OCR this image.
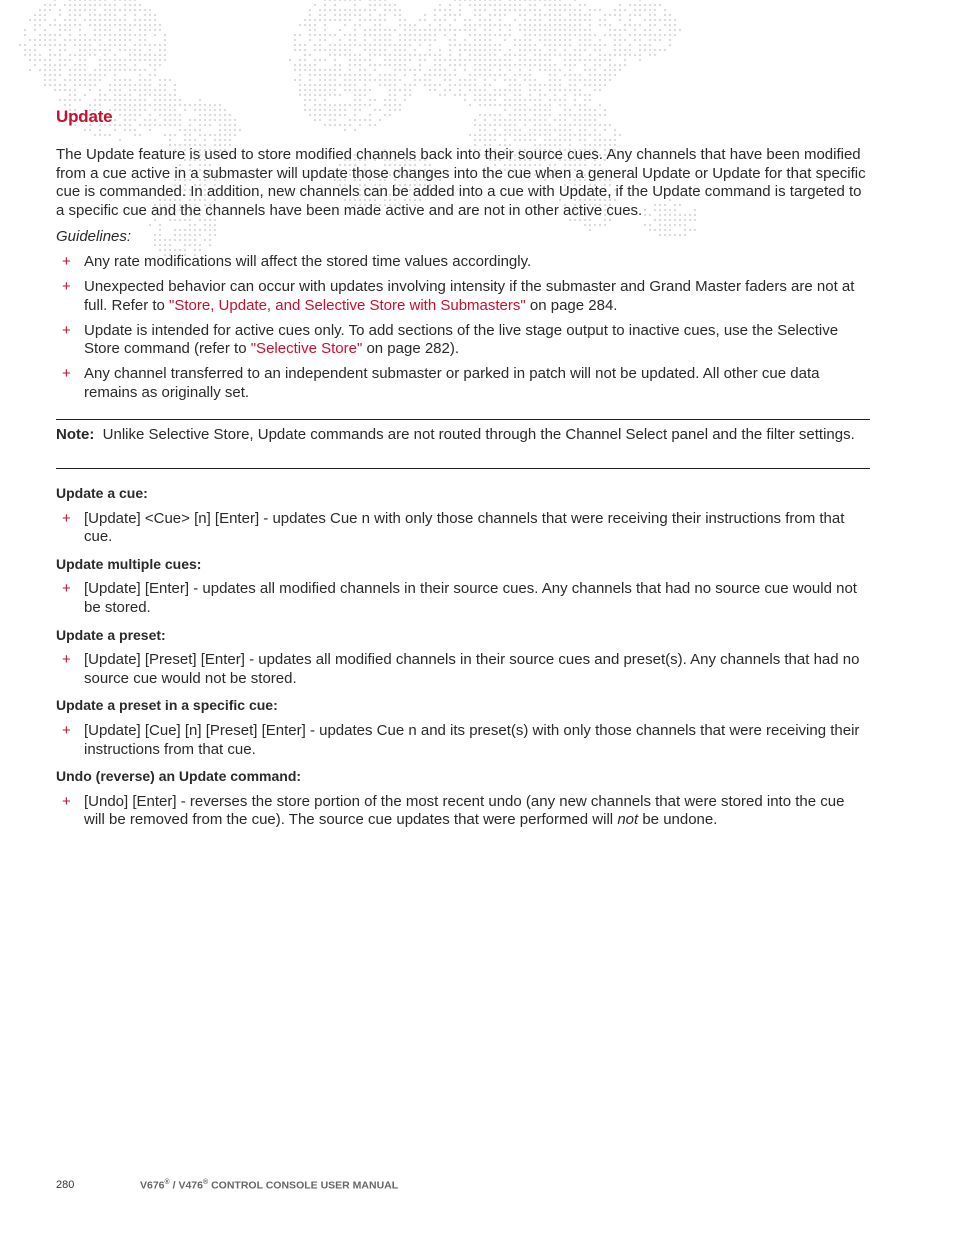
Update

The Update feature is used to store modified channels back into their source cues. Any channels that have been modified from a cue active in a submaster will update those changes into the cue when a general Update or Update for that specific cue is commanded. In addition, new channels can be added into a cue with Update, if the Update command is targeted to a specific cue and the channels have been made active and are not in other active cues.

Guidelines:
+ Any rate modifications will affect the stored time values accordingly.
+ Unexpected behavior can occur with updates involving intensity if the submaster and Grand Master faders are not at full. Refer to "Store, Update, and Selective Store with Submasters" on page 284.
+ Update is intended for active cues only. To add sections of the live stage output to inactive cues, use the Selective Store command (refer to "Selective Store" on page 282).
+ Any channel transferred to an independent submaster or parked in patch will not be updated. All other cue data remains as originally set.
Note: Unlike Selective Store, Update commands are not routed through the Channel Select panel and the filter settings.
Update a cue:
+ [Update] <Cue> [n] [Enter] - updates Cue n with only those channels that were receiving their instructions from that cue.
Update multiple cues:
+ [Update] [Enter] - updates all modified channels in their source cues. Any channels that had no source cue would not be stored.
Update a preset:
+ [Update] [Preset] [Enter] - updates all modified channels in their source cues and preset(s). Any channels that had no source cue would not be stored.
Update a preset in a specific cue:
+ [Update] [Cue] [n] [Preset] [Enter] - updates Cue n and its preset(s) with only those channels that were receiving their instructions from that cue.
Undo (reverse) an Update command:
+ [Undo] [Enter] - reverses the store portion of the most recent undo (any new channels that were stored into the cue will be removed from the cue). The source cue updates that were performed will not be undone.
280	V676® / V476® CONTROL CONSOLE USER MANUAL
